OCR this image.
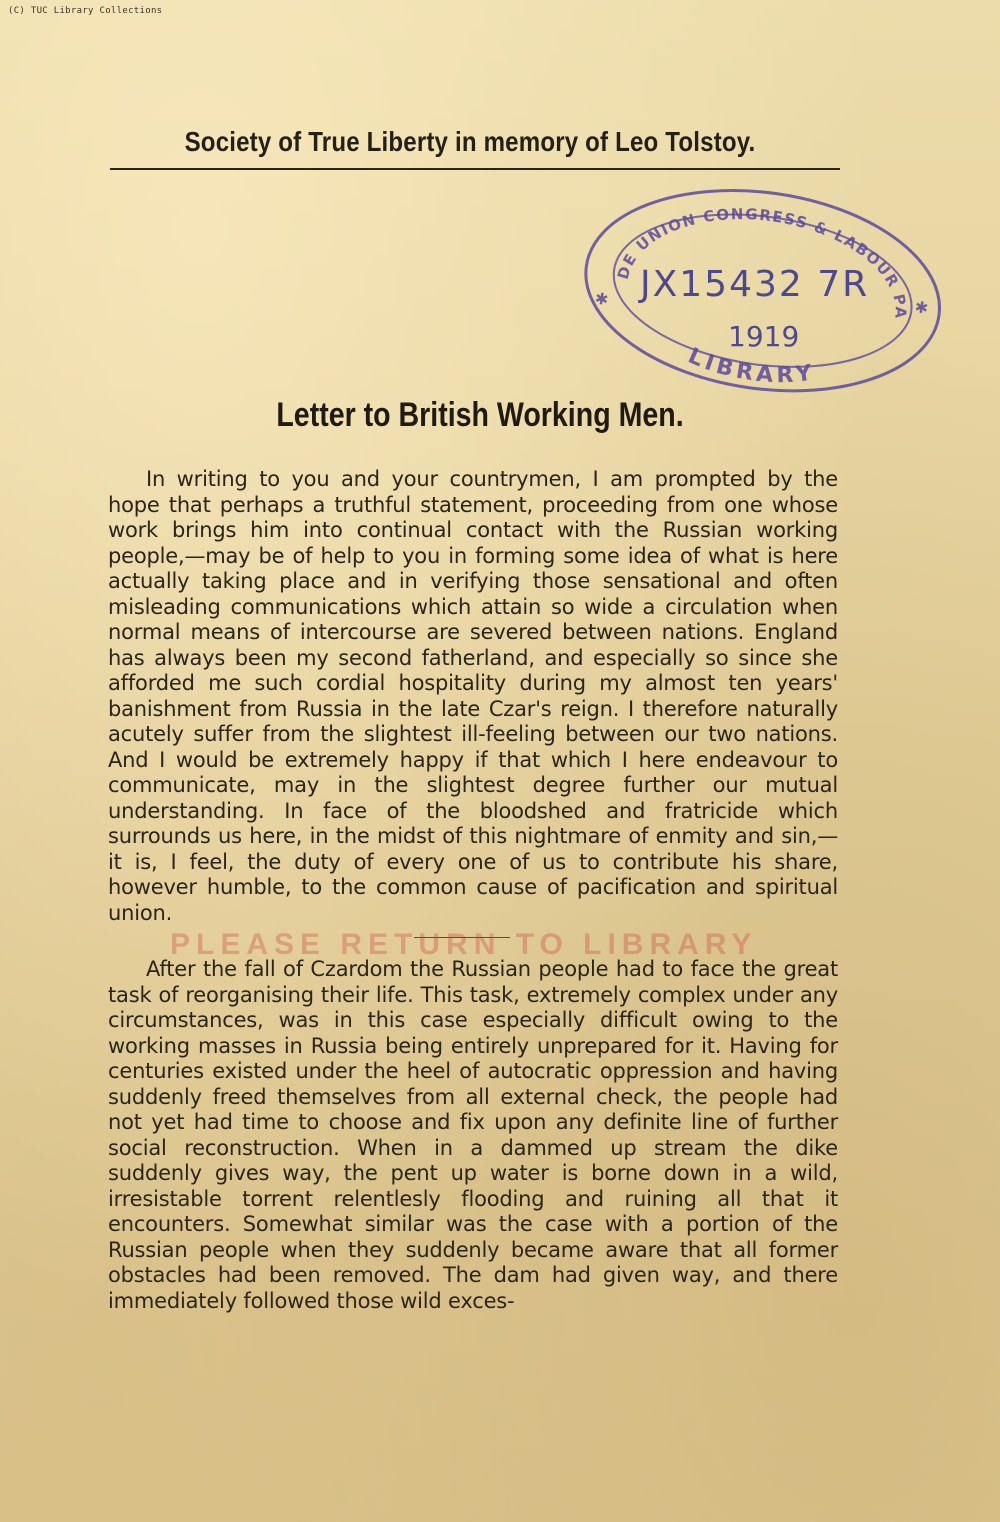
(C) TUC Library Collections
Society of True Liberty in memory of Leo Tolstoy.
TRADE UNION CONGRESS & LABOUR PARTY
LIBRARY
✱	✱
JX15432 7R
1919
Letter to British Working Men.
In writing to you and your countrymen, I am prompted by the hope that perhaps a truthful statement, proceeding from one whose work brings him into continual contact with the Russian working people,—may be of help to you in forming some idea of what is here actually taking place and in verifying those sensational and often misleading communications which attain so wide a circulation when normal means of intercourse are severed between nations. England has always been my second fatherland, and especially so since she afforded me such cordial hospitality during my almost ten years' banishment from Russia in the late Czar's reign. I therefore naturally acutely suffer from the slightest ill-feeling between our two nations. And I would be extremely happy if that which I here endeavour to communicate, may in the slightest degree further our mutual understanding. In face of the bloodshed and fratricide which surrounds us here, in the midst of this nightmare of enmity and sin,—it is, I feel, the duty of every one of us to contribute his share, however humble, to the common cause of pacification and spiritual union.
PLEASE RETURN TO LIBRARY
After the fall of Czardom the Russian people had to face the great task of reorganising their life. This task, extremely complex under any circumstances, was in this case especially difficult owing to the working masses in Russia being entirely unprepared for it. Having for centuries existed under the heel of autocratic oppression and having suddenly freed themselves from all external check, the people had not yet had time to choose and fix upon any definite line of further social reconstruction. When in a dammed up stream the dike suddenly gives way, the pent up water is borne down in a wild, irresistable torrent relentlesly flooding and ruining all that it encounters. Somewhat similar was the case with a portion of the Russian people when they suddenly became aware that all former obstacles had been removed. The dam had given way, and there immediately followed those wild exces-
